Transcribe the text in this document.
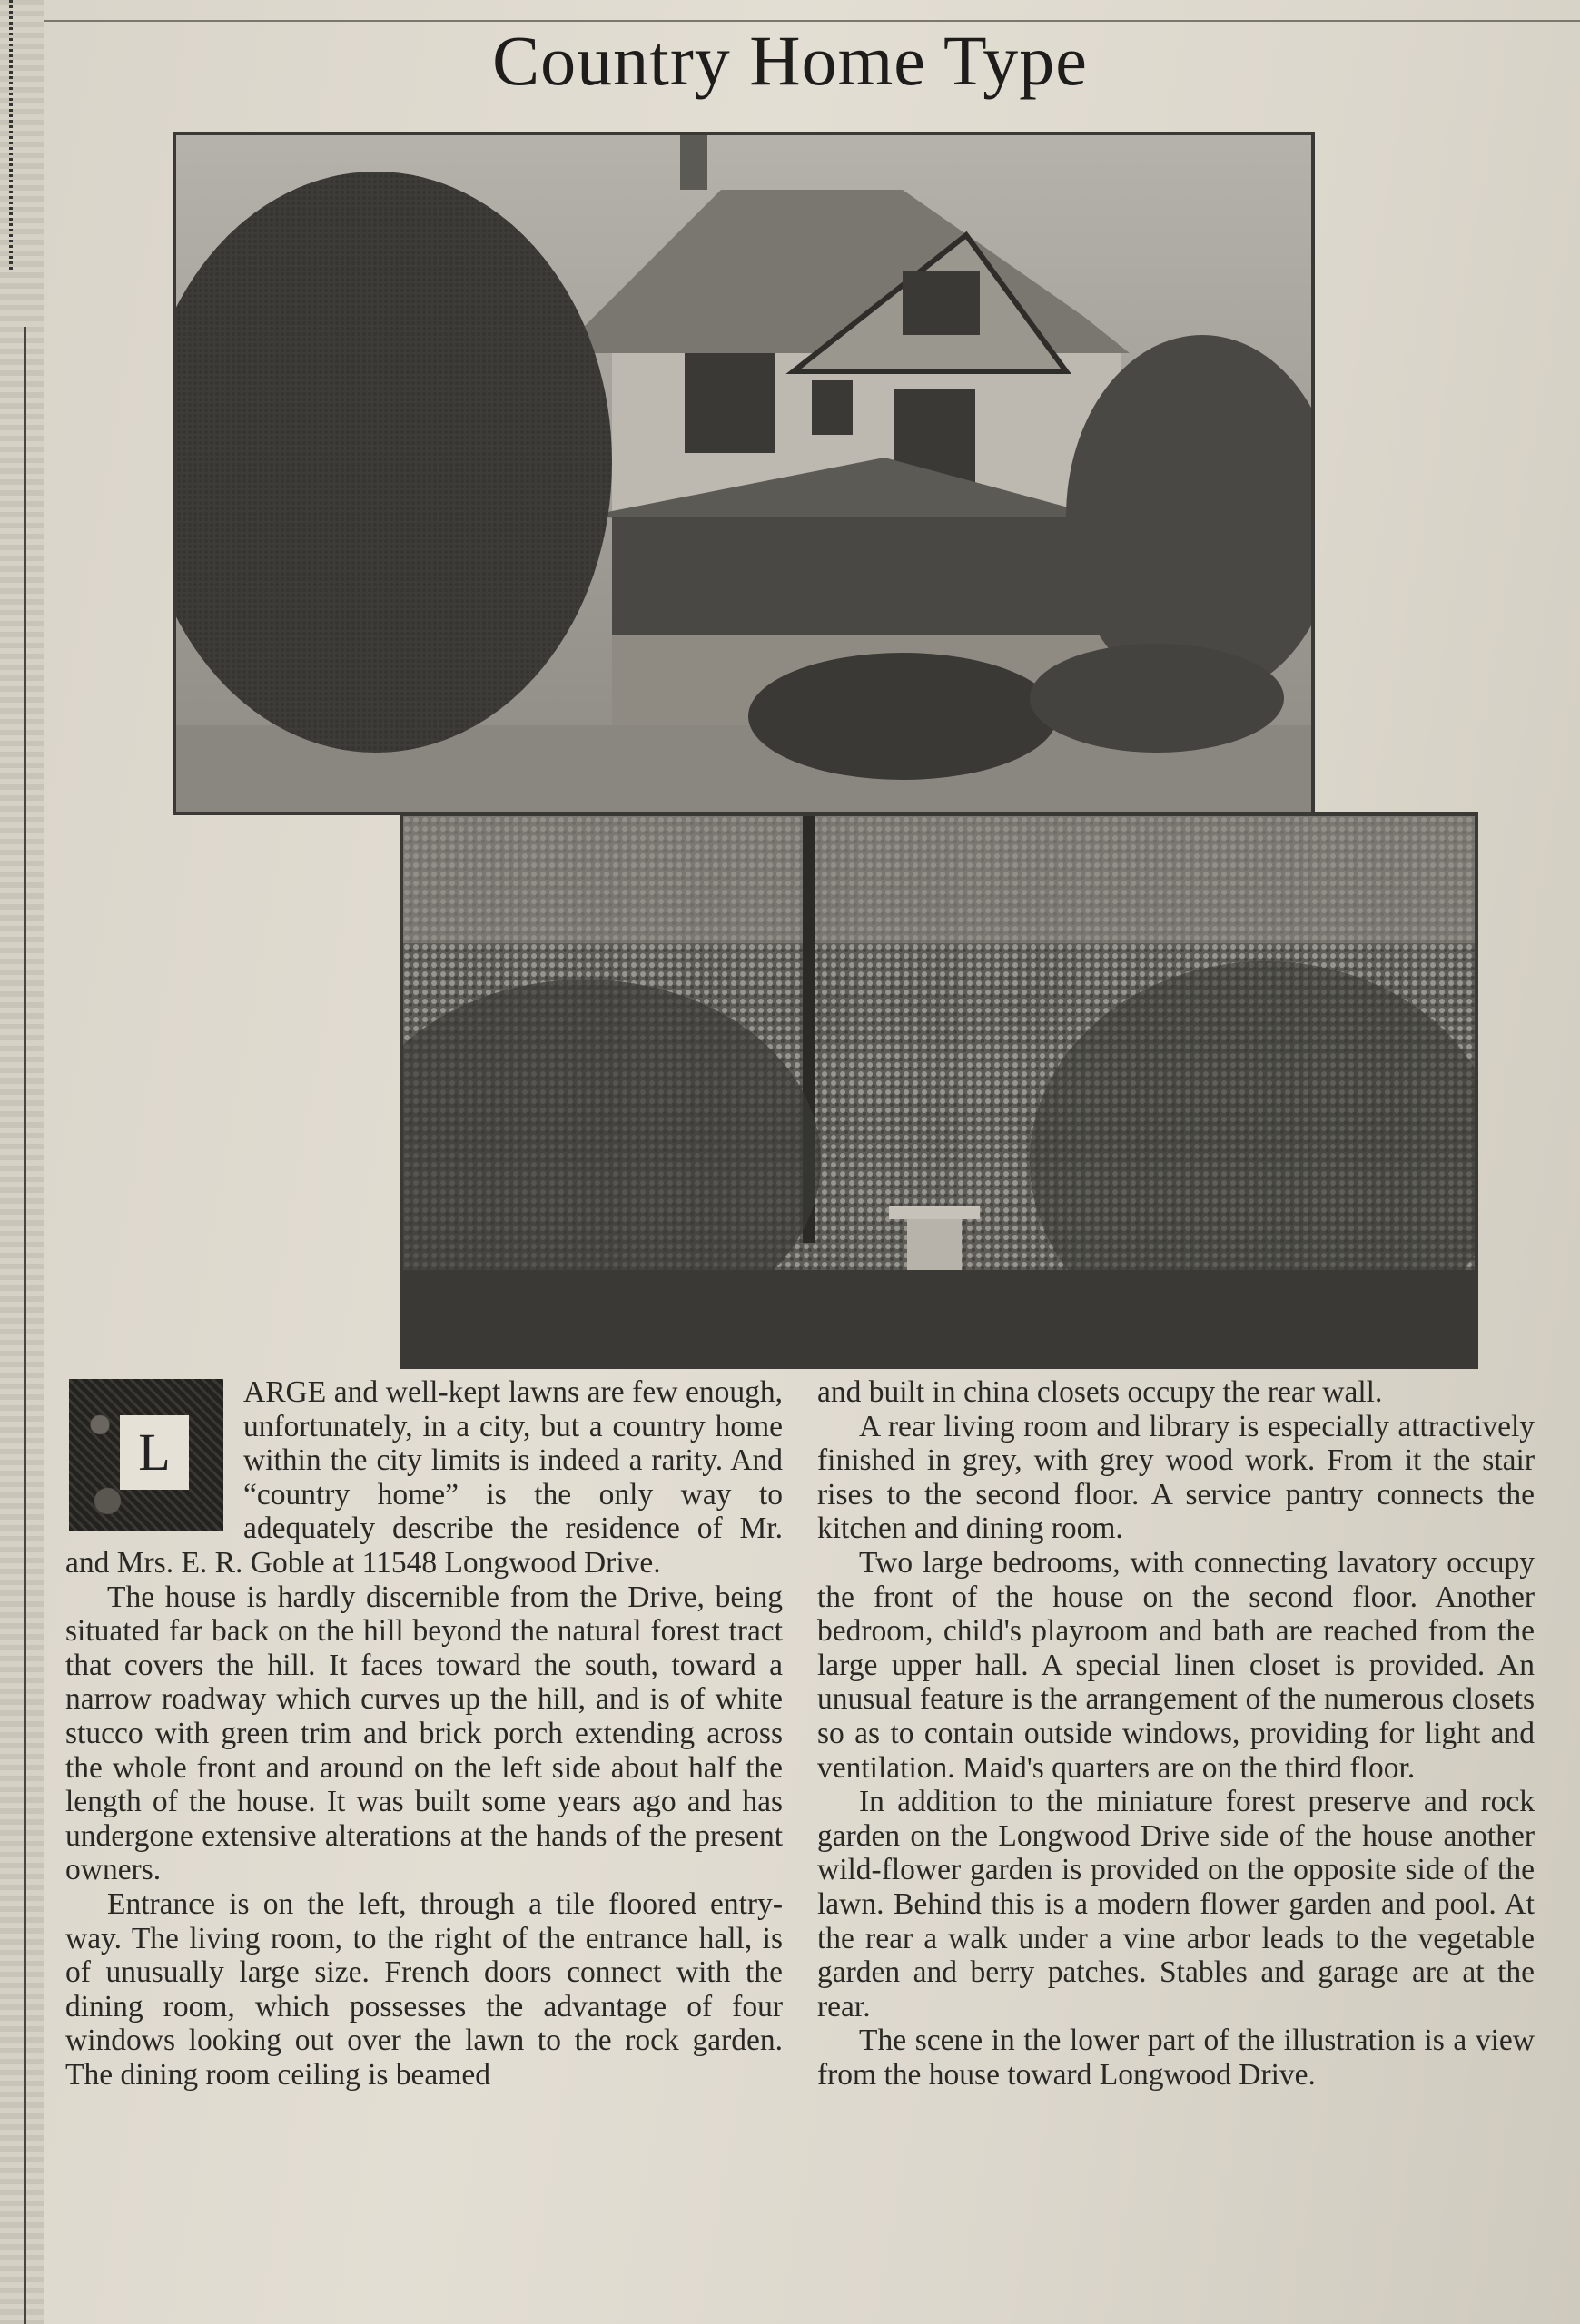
Country Home Type
L

ARGE and well-kept lawns are few enough, unfortunately, in a city, but a country home within the city limits is indeed a rarity. And “country home” is the only way to adequately describe the residence of Mr. and Mrs. E. R. Goble at 11548 Longwood Drive.

The house is hardly discernible from the Drive, being situated far back on the hill beyond the natural forest tract that covers the hill. It faces toward the south, toward a narrow roadway which curves up the hill, and is of white stucco with green trim and brick porch extending across the whole front and around on the left side about half the length of the house. It was built some years ago and has undergone extensive alterations at the hands of the present owners.

Entrance is on the left, through a tile floored entry-way. The living room, to the right of the entrance hall, is of unusually large size. French doors connect with the dining room, which possesses the advantage of four windows looking out over the lawn to the rock garden. The dining room ceiling is beamed

and built in china closets occupy the rear wall.

A rear living room and library is especially attractively finished in grey, with grey wood work. From it the stair rises to the second floor. A service pantry connects the kitchen and dining room.

Two large bedrooms, with connecting lavatory occupy the front of the house on the second floor. Another bedroom, child's playroom and bath are reached from the large upper hall. A special linen closet is provided. An unusual feature is the arrangement of the numerous closets so as to contain outside windows, providing for light and ventilation. Maid's quarters are on the third floor.

In addition to the miniature forest preserve and rock garden on the Longwood Drive side of the house another wild-flower garden is provided on the opposite side of the lawn. Behind this is a modern flower garden and pool. At the rear a walk under a vine arbor leads to the vegetable garden and berry patches. Stables and garage are at the rear.

The scene in the lower part of the illustration is a view from the house toward Longwood Drive.
